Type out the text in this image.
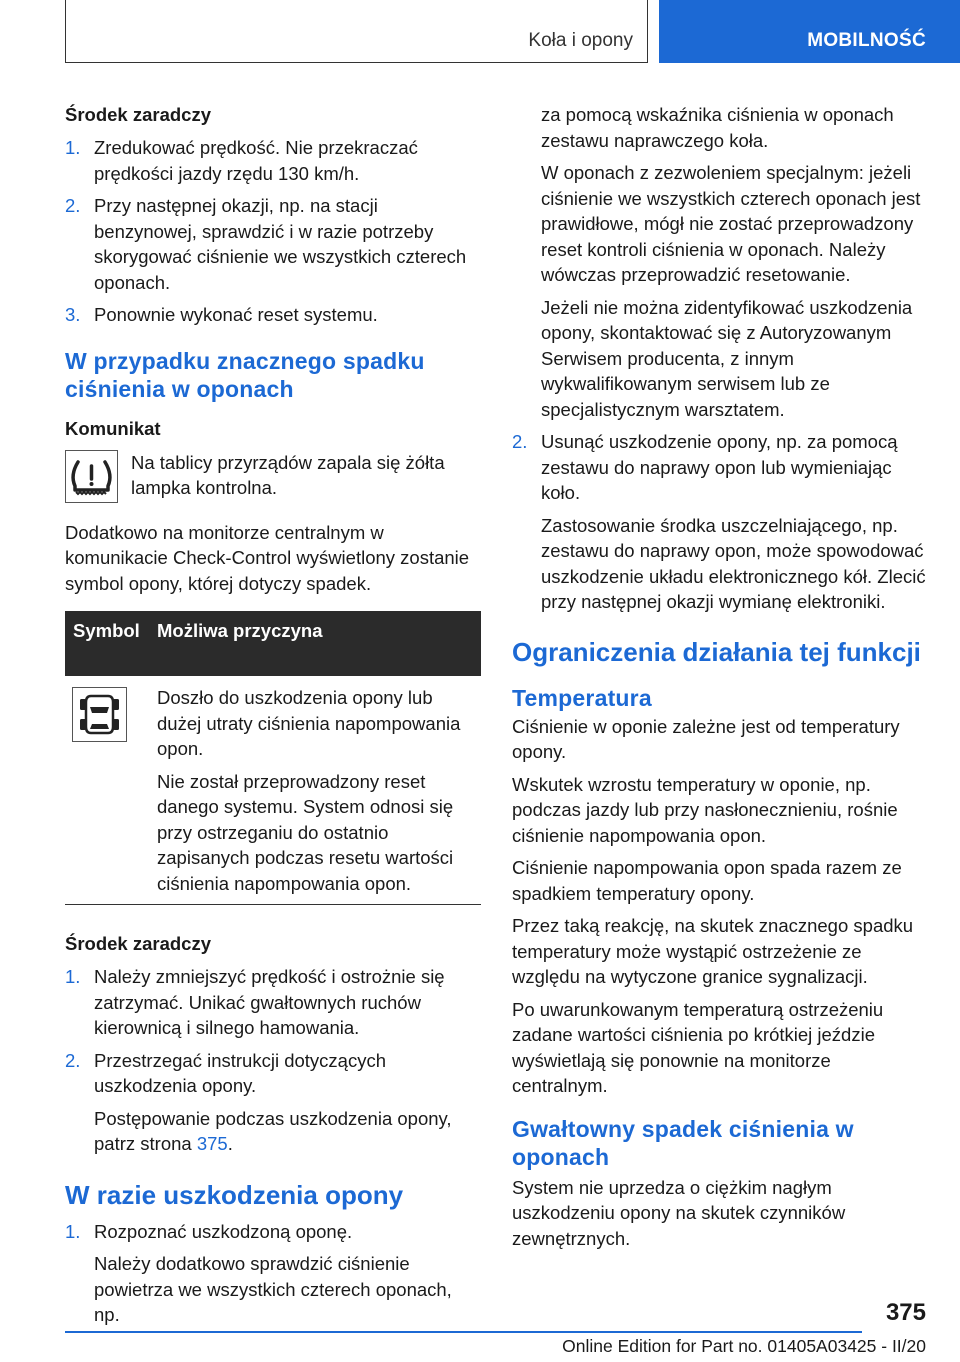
Koła i opony	MOBILNOŚĆ

Środek zaradczy

1. Zredukować prędkość. Nie przekraczać prędkości jazdy rzędu 130 km/h.

2. Przy następnej okazji, np. na stacji benzynowej, sprawdzić i w razie potrzeby skorygować ciśnienie we wszystkich czterech oponach.

3. Ponownie wykonać reset systemu.

W przypadku znacznego spadku ciśnienia w oponach

Komunikat

Na tablicy przyrządów zapala się żółta lampka kontrolna.

Dodatkowo na monitorze centralnym w komunikacie Check-Control wyświetlony zostanie symbol opony, której dotyczy spadek.

Symbol Możliwa przyczyna

Doszło do uszkodzenia opony lub dużej utraty ciśnienia napompowania opon.

Nie został przeprowadzony reset danego systemu. System odnosi się przy ostrzeganiu do ostatnio zapisanych podczas resetu wartości ciśnienia napompowania opon.

Środek zaradczy

1. Należy zmniejszyć prędkość i ostrożnie się zatrzymać. Unikać gwałtownych ruchów kierownicą i silnego hamowania.

2. Przestrzegać instrukcji dotyczących uszkodzenia opony.

Postępowanie podczas uszkodzenia opony, patrz strona 375.

W razie uszkodzenia opony

1. Rozpoznać uszkodzoną oponę.

Należy dodatkowo sprawdzić ciśnienie powietrza we wszystkich czterech oponach, np.

za pomocą wskaźnika ciśnienia w oponach zestawu naprawczego koła.

W oponach z zezwoleniem specjalnym: jeżeli ciśnienie we wszystkich czterech oponach jest prawidłowe, mógł nie zostać przeprowadzony reset kontroli ciśnienia w oponach. Należy wówczas przeprowadzić resetowanie.

Jeżeli nie można zidentyfikować uszkodzenia opony, skontaktować się z Autoryzowanym Serwisem producenta, z innym wykwalifikowanym serwisem lub ze specjalistycznym warsztatem.

2. Usunąć uszkodzenie opony, np. za pomocą zestawu do naprawy opon lub wymieniając koło.

Zastosowanie środka uszczelniającego, np. zestawu do naprawy opon, może spowodować uszkodzenie układu elektronicznego kół. Zlecić przy następnej okazji wymianę elektroniki.

Ograniczenia działania tej funkcji

Temperatura

Ciśnienie w oponie zależne jest od temperatury opony.

Wskutek wzrostu temperatury w oponie, np. podczas jazdy lub przy nasłonecznieniu, rośnie ciśnienie napompowania opon.

Ciśnienie napompowania opon spada razem ze spadkiem temperatury opony.

Przez taką reakcję, na skutek znacznego spadku temperatury może wystąpić ostrzeżenie ze względu na wytyczone granice sygnalizacji.

Po uwarunkowanym temperaturą ostrzeżeniu zadane wartości ciśnienia po krótkiej jeździe wyświetlają się ponownie na monitorze centralnym.

Gwałtowny spadek ciśnienia w oponach

System nie uprzedza o ciężkim nagłym uszkodzeniu opony na skutek czynników zewnętrznych.

375
Online Edition for Part no. 01405A03425 - II/20
